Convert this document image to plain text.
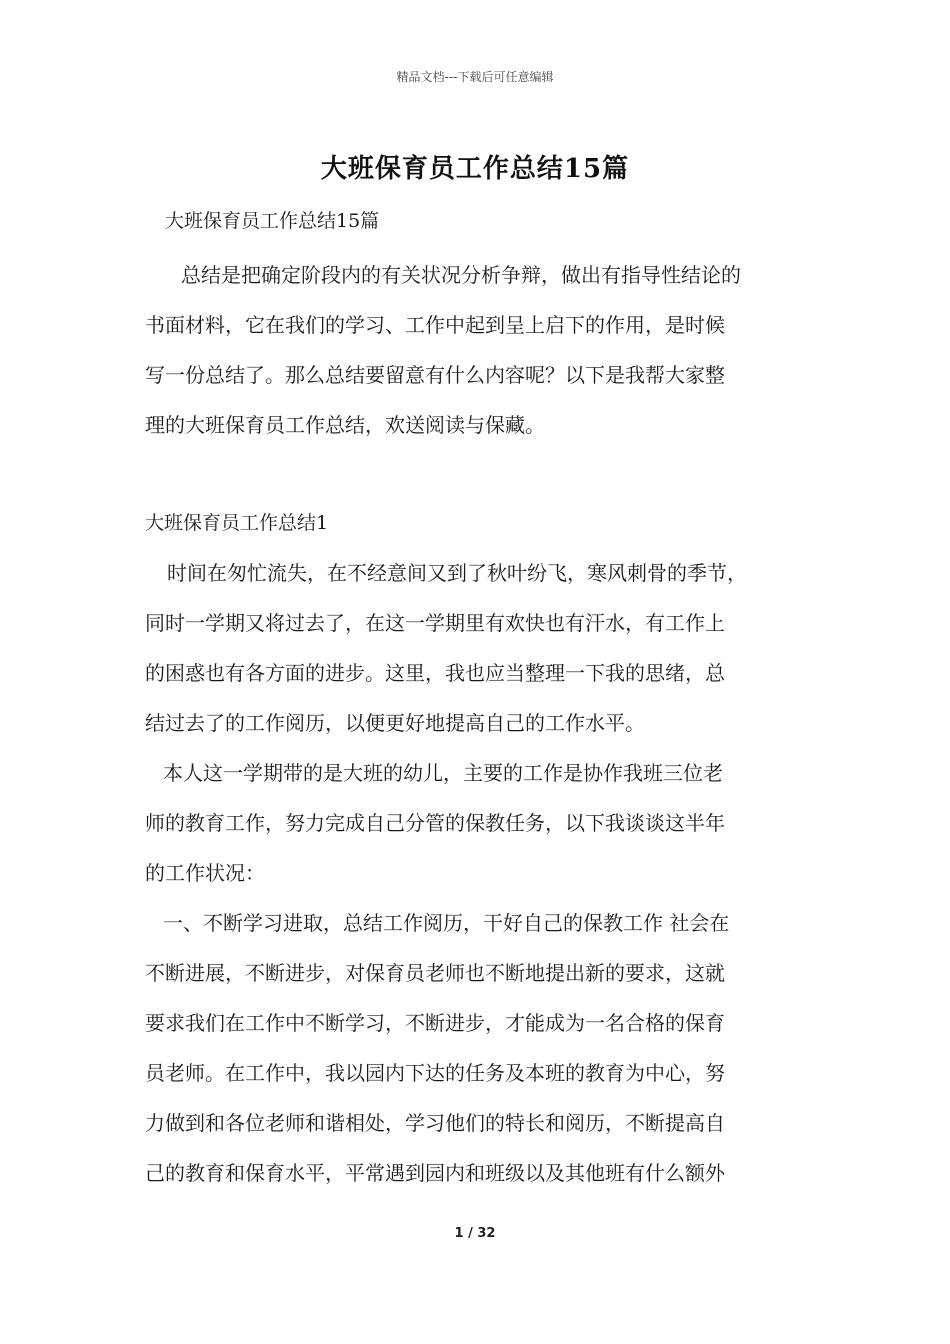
精品文档---下载后可任意编辑
大班保育员工作总结15篇
大班保育员工作总结15篇
总结是把确定阶段内的有关状况分析争辩，做出有指导性结论的
书面材料，它在我们的学习、工作中起到呈上启下的作用，是时候
写一份总结了。那么总结要留意有什么内容呢？以下是我帮大家整
理的大班保育员工作总结，欢送阅读与保藏。
大班保育员工作总结1
时间在匆忙流失，在不经意间又到了秋叶纷飞，寒风刺骨的季节，
同时一学期又将过去了，在这一学期里有欢快也有汗水，有工作上
的困惑也有各方面的进步。这里，我也应当整理一下我的思绪，总
结过去了的工作阅历，以便更好地提高自己的工作水平。
本人这一学期带的是大班的幼儿，主要的工作是协作我班三位老
师的教育工作，努力完成自己分管的保教任务，以下我谈谈这半年
的工作状况：
一、不断学习进取，总结工作阅历，干好自己的保教工作 社会在
不断进展，不断进步，对保育员老师也不断地提出新的要求，这就
要求我们在工作中不断学习，不断进步，才能成为一名合格的保育
员老师。在工作中，我以园内下达的任务及本班的教育为中心，努
力做到和各位老师和谐相处，学习他们的特长和阅历，不断提高自
己的教育和保育水平，平常遇到园内和班级以及其他班有什么额外
1 / 32
